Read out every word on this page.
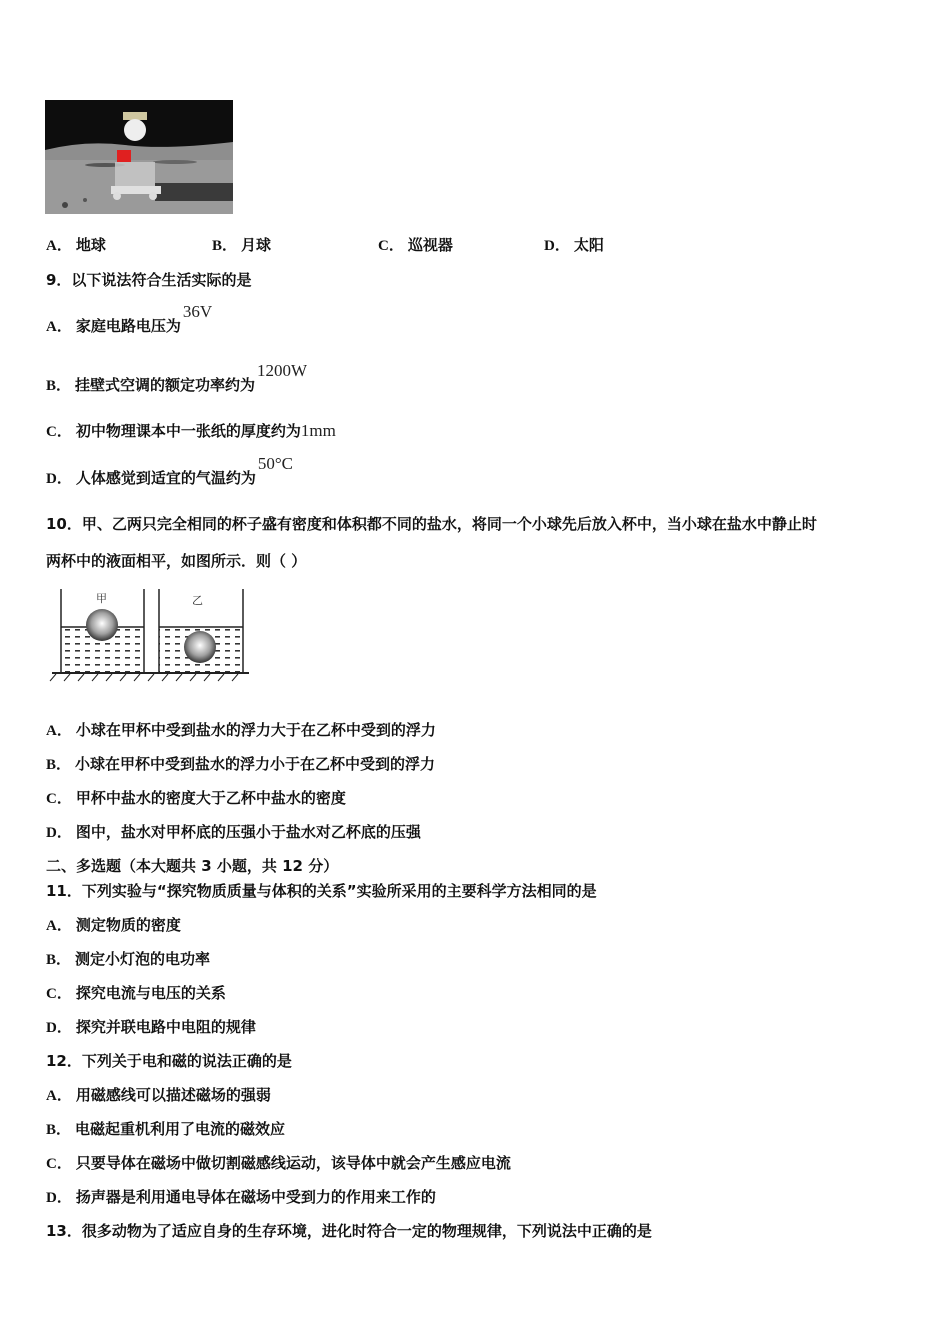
A． 地球	B． 月球	C． 巡视器	D． 太阳
9．以下说法符合生活实际的是
A． 家庭电路电压为36V
B． 挂壁式空调的额定功率约为1200W
C． 初中物理课本中一张纸的厚度约为1mm
D． 人体感觉到适宜的气温约为50°C
10．甲、乙两只完全相同的杯子盛有密度和体积都不同的盐水，将同一个小球先后放入杯中，当小球在盐水中静止时
两杯中的液面相平，如图所示．则（ ）
甲	乙
A． 小球在甲杯中受到盐水的浮力大于在乙杯中受到的浮力
B． 小球在甲杯中受到盐水的浮力小于在乙杯中受到的浮力
C． 甲杯中盐水的密度大于乙杯中盐水的密度
D． 图中，盐水对甲杯底的压强小于盐水对乙杯底的压强
二、多选题（本大题共 3 小题，共 12 分）
11．下列实验与“探究物质质量与体积的关系”实验所采用的主要科学方法相同的是
A． 测定物质的密度
B． 测定小灯泡的电功率
C． 探究电流与电压的关系
D． 探究并联电路中电阻的规律
12．下列关于电和磁的说法正确的是
A． 用磁感线可以描述磁场的强弱
B． 电磁起重机利用了电流的磁效应
C． 只要导体在磁场中做切割磁感线运动，该导体中就会产生感应电流
D． 扬声器是利用通电导体在磁场中受到力的作用来工作的
13．很多动物为了适应自身的生存环境，进化时符合一定的物理规律，下列说法中正确的是
